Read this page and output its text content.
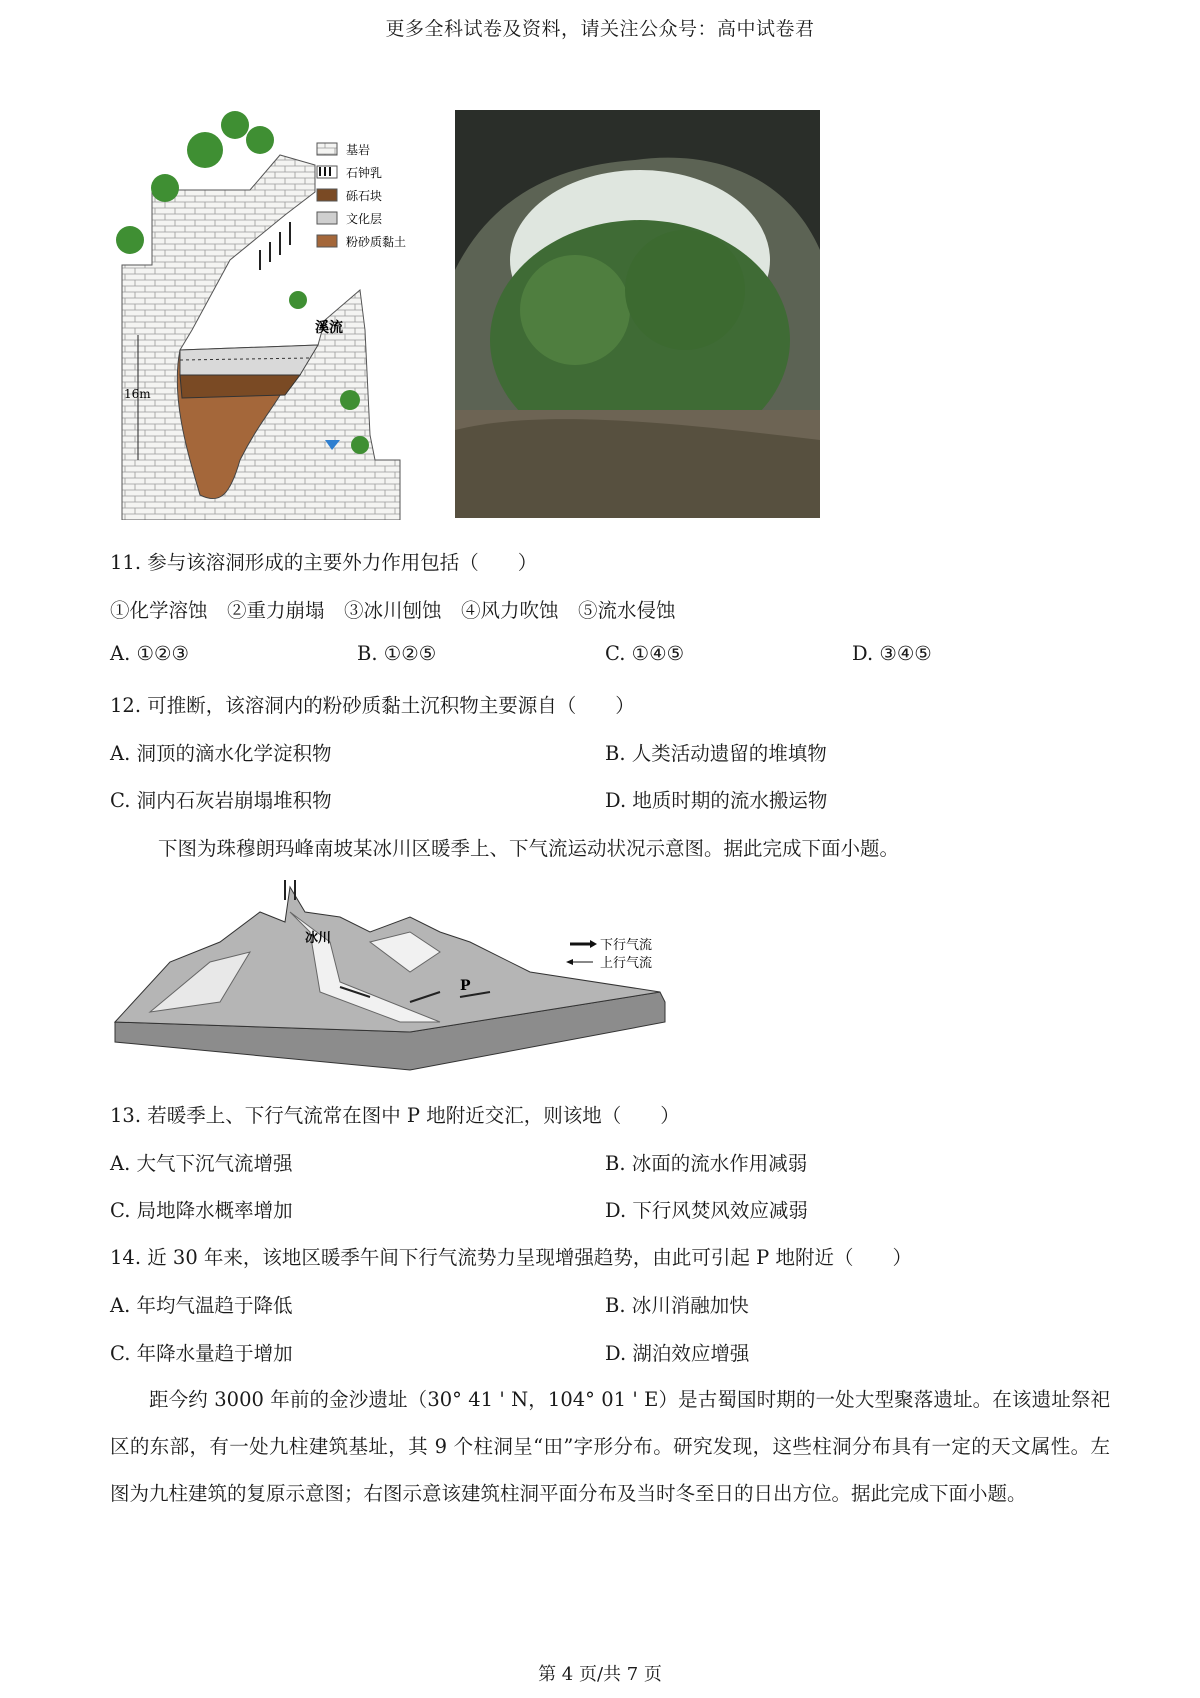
更多全科试卷及资料，请关注公众号：高中试卷君
溪流
16m
基岩
石钟乳
砾石块
文化层
粉砂质黏土
11. 参与该溶洞形成的主要外力作用包括（　　）
①化学溶蚀　②重力崩塌　③冰川刨蚀　④风力吹蚀　⑤流水侵蚀
A. ①②③	B. ①②⑤	C. ①④⑤	D. ③④⑤
12. 可推断，该溶洞内的粉砂质黏土沉积物主要源自（　　）
A. 洞顶的滴水化学淀积物	B. 人类活动遗留的堆填物
C. 洞内石灰岩崩塌堆积物	D. 地质时期的流水搬运物
下图为珠穆朗玛峰南坡某冰川区暖季上、下气流运动状况示意图。据此完成下面小题。
冰川
P
下行气流
上行气流
13. 若暖季上、下行气流常在图中 P 地附近交汇，则该地（　　）
A. 大气下沉气流增强	B. 冰面的流水作用减弱
C. 局地降水概率增加	D. 下行风焚风效应减弱
14. 近 30 年来，该地区暖季午间下行气流势力呈现增强趋势，由此可引起 P 地附近（　　）
A. 年均气温趋于降低	B. 冰川消融加快
C. 年降水量趋于增加	D. 湖泊效应增强
距今约 3000 年前的金沙遗址（30° 41 ' N，104° 01 ' E）是古蜀国时期的一处大型聚落遗址。在该遗址祭祀区的东部，有一处九柱建筑基址，其 9 个柱洞呈“田”字形分布。研究发现，这些柱洞分布具有一定的天文属性。左图为九柱建筑的复原示意图；右图示意该建筑柱洞平面分布及当时冬至日的日出方位。据此完成下面小题。
第 4 页/共 7 页
